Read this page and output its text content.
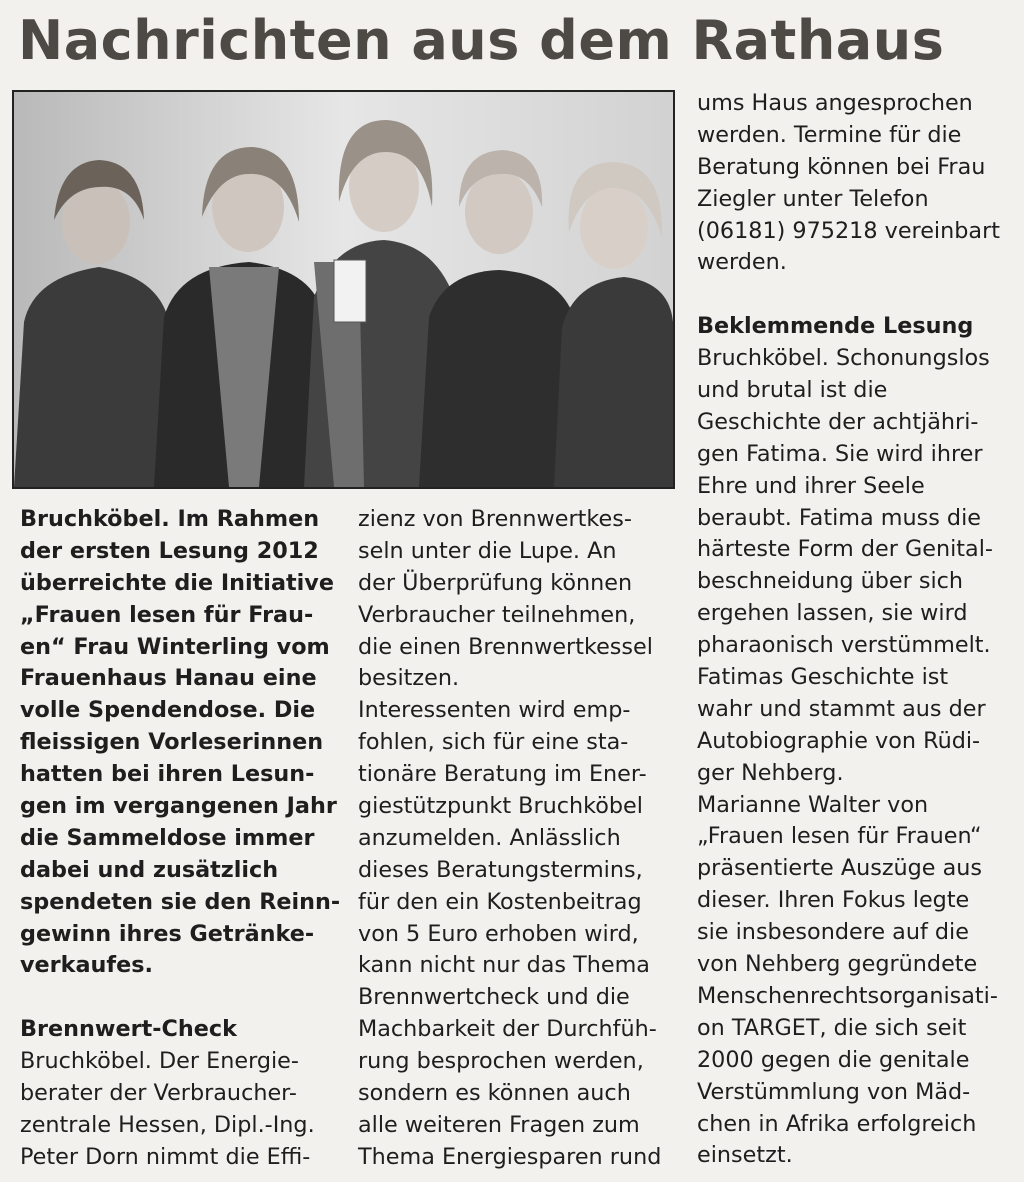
Nachrichten aus dem Rathaus
Bruchköbel. Im Rahmen
der ersten Lesung 2012
überreichte die Initiative
„Frauen lesen für Frau-
en“ Frau Winterling vom
Frauenhaus Hanau eine
volle Spendendose. Die
fleissigen Vorleserinnen
hatten bei ihren Lesun-
gen im vergangenen Jahr
die Sammeldose immer
dabei und zusätzlich
spendeten sie den Reinn-
gewinn ihres Getränke-
verkaufes.
Brennwert-Check
Bruchköbel. Der Energie-
berater der Verbraucher-
zentrale Hessen, Dipl.-Ing.
Peter Dorn nimmt die Effi-
zienz von Brennwertkes-
seln unter die Lupe. An
der Überprüfung können
Verbraucher teilnehmen,
die einen Brennwertkessel
besitzen.
Interessenten wird emp-
fohlen, sich für eine sta-
tionäre Beratung im Ener-
giestützpunkt Bruchköbel
anzumelden. Anlässlich
dieses Beratungstermins,
für den ein Kostenbeitrag
von 5 Euro erhoben wird,
kann nicht nur das Thema
Brennwertcheck und die
Machbarkeit der Durchfüh-
rung besprochen werden,
sondern es können auch
alle weiteren Fragen zum
Thema Energiesparen rund
ums Haus angesprochen
werden. Termine für die
Beratung können bei Frau
Ziegler unter Telefon
(06181) 975218 vereinbart
werden.
Beklemmende Lesung
Bruchköbel. Schonungslos
und brutal ist die
Geschichte der achtjähri-
gen Fatima. Sie wird ihrer
Ehre und ihrer Seele
beraubt. Fatima muss die
härteste Form der Genital-
beschneidung über sich
ergehen lassen, sie wird
pharaonisch verstümmelt.
Fatimas Geschichte ist
wahr und stammt aus der
Autobiographie von Rüdi-
ger Nehberg.
Marianne Walter von
„Frauen lesen für Frauen“
präsentierte Auszüge aus
dieser. Ihren Fokus legte
sie insbesondere auf die
von Nehberg gegründete
Menschenrechtsorganisati-
on TARGET, die sich seit
2000 gegen die genitale
Verstümmlung von Mäd-
chen in Afrika erfolgreich
einsetzt.
